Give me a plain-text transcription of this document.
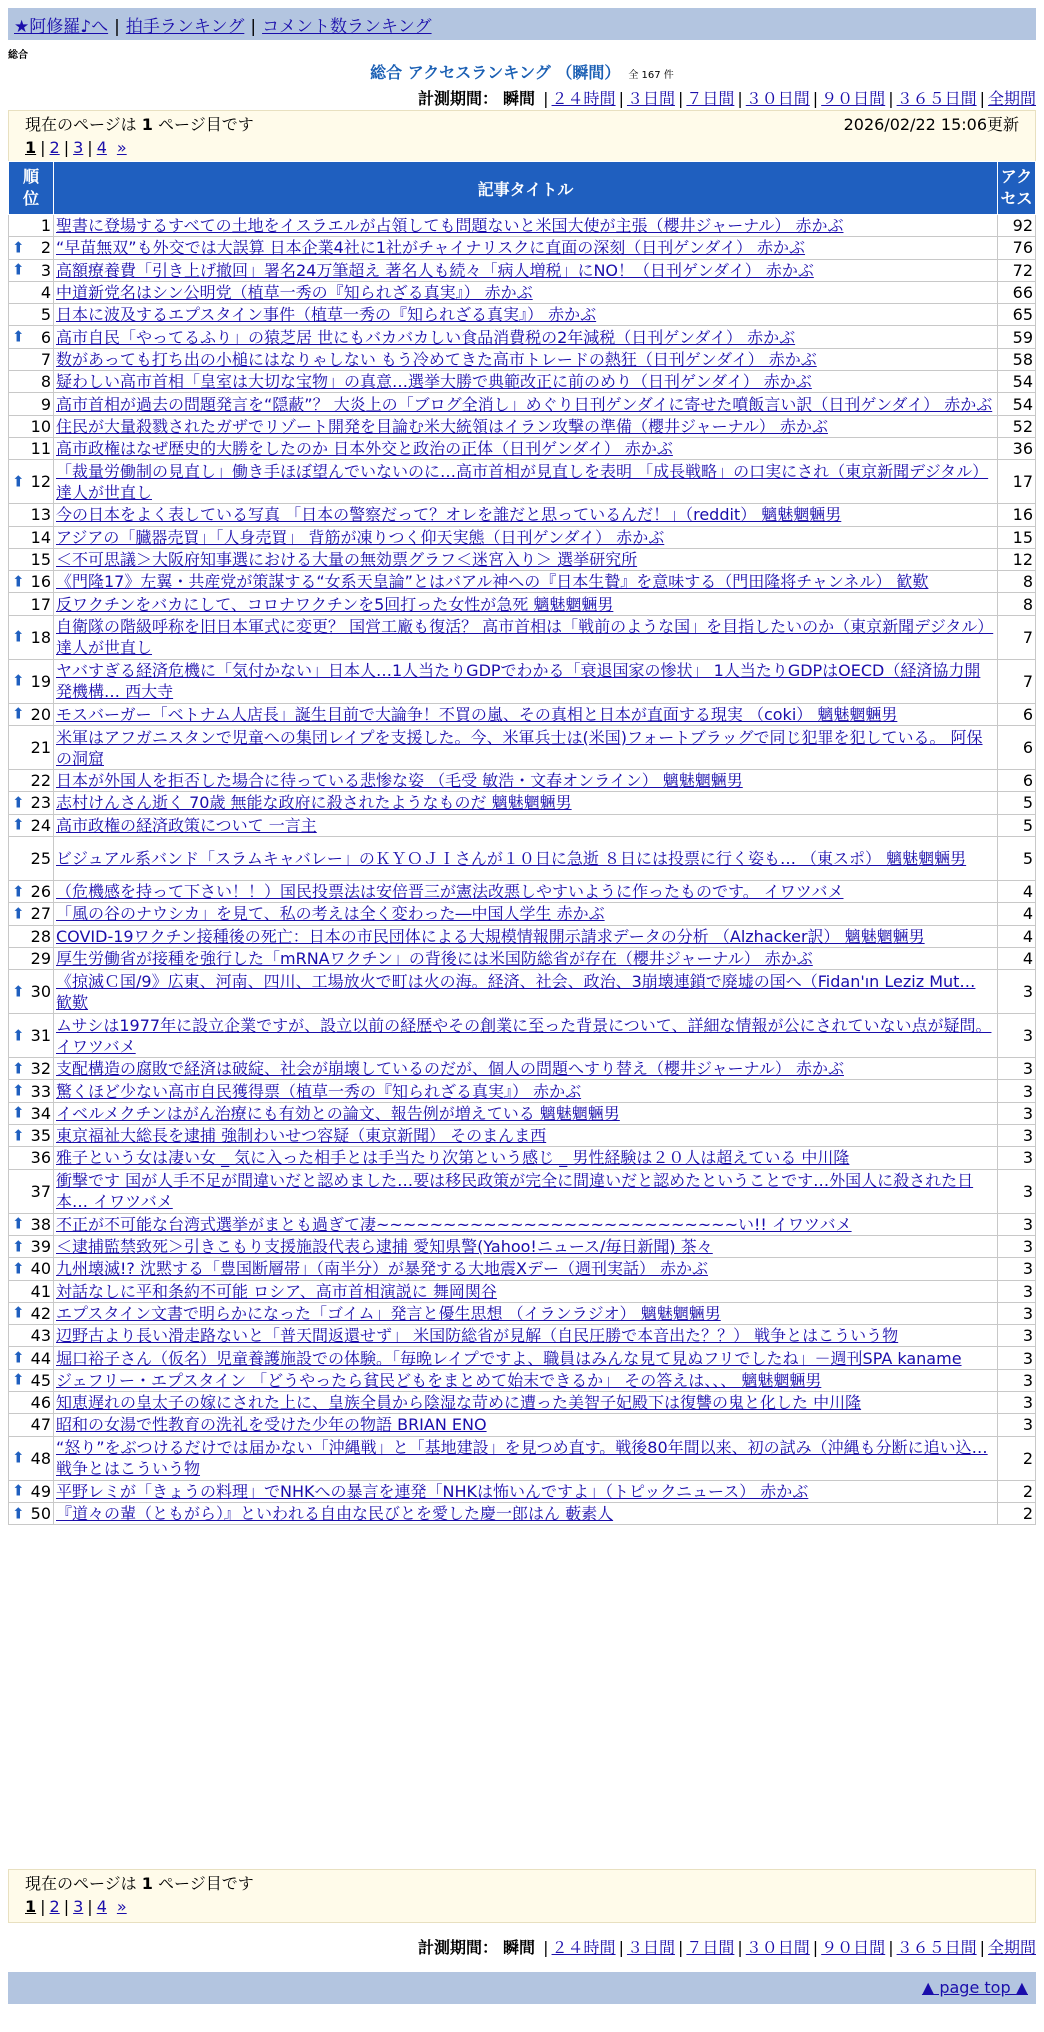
★阿修羅♪へ | 拍手ランキング | コメント数ランキング
総合
総合 アクセスランキング （瞬間） 全 167 件
計測期間： 瞬間 | ２４時間 | ３日間 | ７日間 | ３０日間 | ９０日間 | ３６５日間 | 全期間
現在のページは 1 ページ目です	2026/02/22 15:06更新
1 | 2 | 3 | 4 »
順位	記事タイトル	アクセス

1	聖書に登場するすべての土地をイスラエルが占領しても問題ないと米国大使が主張（櫻井ジャーナル） 赤かぶ	92

⬆ 2	“早苗無双”も外交では大誤算 日本企業4社に1社がチャイナリスクに直面の深刻（日刊ゲンダイ） 赤かぶ	76

⬆ 3	高額療養費「引き上げ撤回」署名24万筆超え 著名人も続々「病人増税」にNO！（日刊ゲンダイ） 赤かぶ	72
4	中道新党名はシン公明党（植草一秀の『知られざる真実』） 赤かぶ	66
5	日本に波及するエプスタイン事件（植草一秀の『知られざる真実』） 赤かぶ	65

⬆ 6	高市自民「やってるふり」の猿芝居 世にもバカバカしい食品消費税の2年減税（日刊ゲンダイ） 赤かぶ	59
7	数があっても打ち出の小槌にはなりゃしない もう冷めてきた高市トレードの熱狂（日刊ゲンダイ） 赤かぶ	58
8	疑わしい高市首相「皇室は大切な宝物」の真意…選挙大勝で典範改正に前のめり（日刊ゲンダイ） 赤かぶ	54
9	高市首相が過去の問題発言を“隠蔽”？ 大炎上の「ブログ全消し」めぐり日刊ゲンダイに寄せた噴飯言い訳（日刊ゲンダイ） 赤かぶ	54
10	住民が大量殺戮されたガザでリゾート開発を目論む米大統領はイラン攻撃の準備（櫻井ジャーナル） 赤かぶ	52
11	高市政権はなぜ歴史的大勝をしたのか 日本外交と政治の正体（日刊ゲンダイ） 赤かぶ	36

⬆ 12	「裁量労働制の見直し」働き手ほぼ望んでいないのに…高市首相が見直しを表明 「成長戦略」の口実にされ（東京新聞デジタル） 達人が世直し	17
13	今の日本をよく表している写真 「日本の警察だって？オレを誰だと思っているんだ！」（reddit） 魑魅魍魎男	16
14	アジアの「臓器売買」「人身売買」 背筋が凍りつく仰天実態（日刊ゲンダイ） 赤かぶ	15
15	＜不可思議＞大阪府知事選における大量の無効票グラフ＜迷宮入り＞ 選挙研究所	12

⬆ 16	《門隆17》左翼・共産党が策謀する“女系天皇論”とはバアル神への『日本生贄』を意味する（門田隆将チャンネル） 歓歎	8
17	反ワクチンをバカにして、コロナワクチンを5回打った女性が急死 魑魅魍魎男	8

⬆ 18	自衛隊の階級呼称を旧日本軍式に変更？ 国営工廠も復活？ 高市首相は「戦前のような国」を目指したいのか（東京新聞デジタル） 達人が世直し	7

⬆ 19	ヤバすぎる経済危機に「気付かない」日本人…1人当たりGDPでわかる「衰退国家の惨状」 1人当たりGDPはOECD（経済協力開発機構… 西大寺	7

⬆ 20	モスバーガー「ベトナム人店長」誕生目前で大論争！不買の嵐、その真相と日本が直面する現実 （coki） 魑魅魍魎男	6
21	米軍はアフガニスタンで児童への集団レイプを支援した。今、米軍兵士は(米国)フォートブラッグで同じ犯罪を犯している。 阿保の洞窟	6
22	日本が外国人を拒否した場合に待っている悲惨な姿 （毛受 敏浩・文春オンライン） 魑魅魍魎男	6

⬆ 23	志村けんさん逝く 70歳 無能な政府に殺されたようなものだ 魑魅魍魎男	5

⬆ 24	高市政権の経済政策について 一言主	5
25	ビジュアル系バンド「スラムキャバレー」のＫＹＯＪＩさんが１０日に急逝 ８日には投票に行く姿も… （東スポ） 魑魅魍魎男	5

⬆ 26	（危機感を持って下さい！！）国民投票法は安倍晋三が憲法改悪しやすいように作ったものです。 イワツバメ	4

⬆ 27	「風の谷のナウシカ」を見て、私の考えは全く変わった―中国人学生 赤かぶ	4
28	COVID-19ワクチン接種後の死亡：日本の市民団体による大規模情報開示請求データの分析 （Alzhacker訳） 魑魅魍魎男	4
29	厚生労働省が接種を強行した「mRNAワクチン」の背後には米国防総省が存在（櫻井ジャーナル） 赤かぶ	4

⬆ 30	《掠滅Ｃ国/9》広東、河南、四川、工場放火で町は火の海。経済、社会、政治、3崩壊連鎖で廃墟の国へ（Fidan'ın Leziz Mut… 歓歎	3

⬆ 31	ムサシは1977年に設立企業ですが、設立以前の経歴やその創業に至った背景について、詳細な情報が公にされていない点が疑問。 イワツバメ	3

⬆ 32	支配構造の腐敗で経済は破綻、社会が崩壊しているのだが、個人の問題へすり替え（櫻井ジャーナル） 赤かぶ	3

⬆ 33	驚くほど少ない高市自民獲得票（植草一秀の『知られざる真実』） 赤かぶ	3

⬆ 34	イベルメクチンはがん治療にも有効との論文、報告例が増えている 魑魅魍魎男	3

⬆ 35	東京福祉大総長を逮捕 強制わいせつ容疑（東京新聞） そのまんま西	3
36	雅子という女は凄い女 _ 気に入った相手とは手当たり次第という感じ _ 男性経験は２０人は超えている 中川隆	3
37	衝撃です 国が人手不足が間違いだと認めました…要は移民政策が完全に間違いだと認めたということです…外国人に殺された日本… イワツバメ	3

⬆ 38	不正が不可能な台湾式選挙がまとも過ぎて凄~~~~~~~~~~~~~~~~~~~~~~~~~~~い!! イワツバメ	3

⬆ 39	＜逮捕監禁致死＞引きこもり支援施設代表ら逮捕 愛知県警(Yahoo!ニュース/毎日新聞) 茶々	3

⬆ 40	九州壊滅!? 沈黙する「豊国断層帯」（南半分）が暴発する大地震Xデー（週刊実話） 赤かぶ	3
41	対話なしに平和条約不可能 ロシア、高市首相演説に 舞岡関谷	3

⬆ 42	エプスタイン文書で明らかになった「ゴイム」発言と優生思想 （イランラジオ） 魑魅魍魎男	3
43	辺野古より長い滑走路ないと「普天間返還せず」 米国防総省が見解（自民圧勝で本音出た？？） 戦争とはこういう物	3

⬆ 44	堀口裕子さん（仮名）児童養護施設での体験。「毎晩レイプですよ、職員はみんな見て見ぬフリでしたね」－週刊SPA kaname	3

⬆ 45	ジェフリー・エプスタイン 「どうやったら貧民どもをまとめて始末できるか」 その答えは、、、 魑魅魍魎男	3
46	知恵遅れの皇太子の嫁にされた上に、皇族全員から陰湿な苛めに遭った美智子妃殿下は復讐の鬼と化した 中川隆	3
47	昭和の女湯で性教育の洗礼を受けた少年の物語 BRIAN ENO	3

⬆ 48	“怒り”をぶつけるだけでは届かない「沖縄戦」と「基地建設」を見つめ直す。戦後80年間以来、初の試み（沖縄も分断に追い込… 戦争とはこういう物	2

⬆ 49	平野レミが「きょうの料理」でNHKへの暴言を連発「NHKは怖いんですよ」（トピックニュース） 赤かぶ	2

⬆ 50	『道々の輩（ともがら）』といわれる自由な民びとを愛した慶一郎はん 藪素人	2
現在のページは 1 ページ目です
1 | 2 | 3 | 4 »
計測期間： 瞬間 | ２４時間 | ３日間 | ７日間 | ３０日間 | ９０日間 | ３６５日間 | 全期間
▲ page top ▲
